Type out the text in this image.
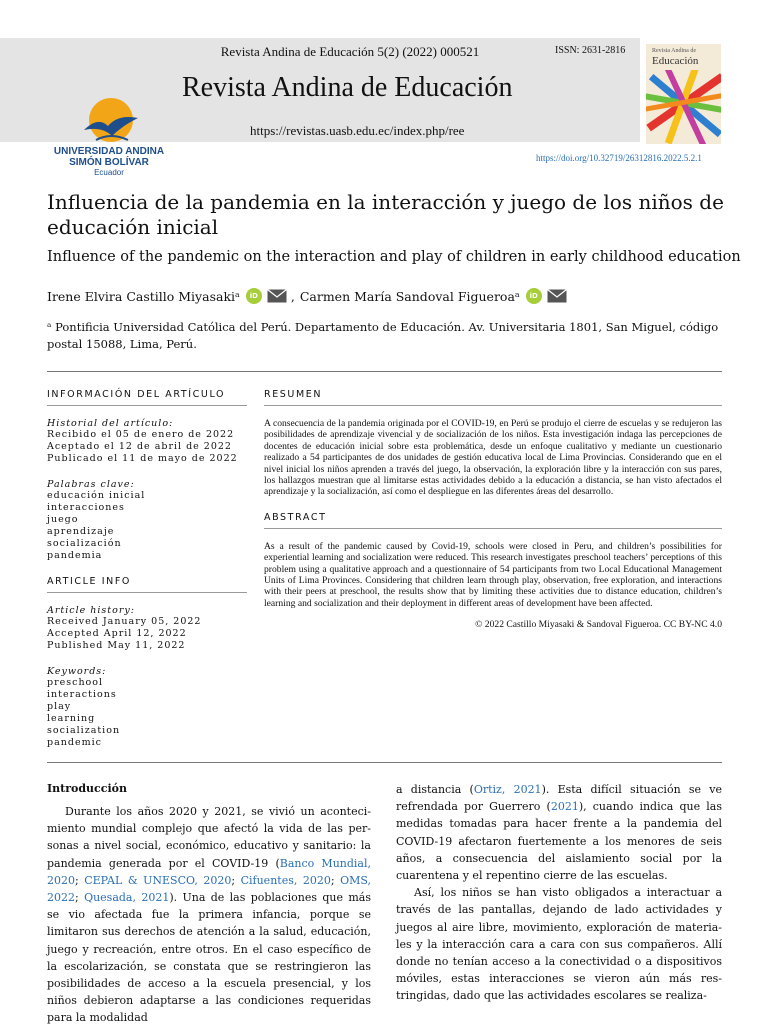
Revista Andina de Educación 5(2) (2022) 000521	ISSN: 2631-2816
Revista Andina de Educación
https://revistas.uasb.edu.ec/index.php/ree
UNIVERSIDAD ANDINA
SIMÓN BOLÍVAR
Ecuador
Revista Andina de
Educación
https://doi.org/10.32719/26312816.2022.5.2.1
Influencia de la pandemia en la interacción y juego de los niños de educación inicial
Influence of the pandemic on the interaction and play of children in early childhood education
Irene Elvira Castillo Miyasakiᵃ	iD	, Carmen María Sandoval Figueroaᵃ	iD
ᵃ Pontificia Universidad Católica del Perú. Departamento de Educación. Av. Universitaria 1801, San Miguel, código postal 15088, Lima, Perú.
INFORMACIÓN DEL ARTÍCULO
Historial del artículo:
Recibido el 05 de enero de 2022
Aceptado el 12 de abril de 2022
Publicado el 11 de mayo de 2022
Palabras clave:
educación inicial
interacciones
juego
aprendizaje
socialización
pandemia
ARTICLE INFO
Article history:
Received January 05, 2022
Accepted April 12, 2022
Published May 11, 2022
Keywords:
preschool
interactions
play
learning
socialization
pandemic
RESUMEN

A consecuencia de la pandemia originada por el COVID-19, en Perú se produjo el cierre de escuelas y se redujeron las posibilidades de aprendizaje vivencial y de socialización de los niños. Esta investigación indaga las percepciones de docentes de educación inicial sobre esta problemática, desde un enfoque cualitativo y mediante un cuestionario realizado a 54 participantes de dos unidades de gestión educativa local de Lima Provincias. Considerando que en el nivel inicial los niños aprenden a través del juego, la observación, la exploración libre y la interacción con sus pares, los hallazgos muestran que al limitarse estas actividades debido a la educación a distancia, se han visto afectados el aprendizaje y la socialización, así como el despliegue en las diferentes áreas del desarrollo.

ABSTRACT

As a result of the pandemic caused by Covid-19, schools were closed in Peru, and children’s possibilities for experiential learning and socialization were reduced. This research investigates preschool teachers’ perceptions of this problem using a qualitative approach and a questionnaire of 54 participants from two Local Educational Management Units of Lima Provinces. Considering that children learn through play, observation, free exploration, and interactions with their peers at preschool, the results show that by limiting these activities due to distance education, children’s learning and socialization and their deployment in different areas of development have been affected.

© 2022 Castillo Miyasaki & Sandoval Figueroa. CC BY-NC 4.0
Introducción

Durante los años 2020 y 2021, se vivió un acontecimiento mundial complejo que afectó la vida de las personas a nivel social, económico, educativo y sanitario: la pandemia generada por el COVID-19 (Banco Mundial, 2020; CEPAL & UNESCO, 2020; Cifuentes, 2020; OMS, 2022; Quesada, 2021). Una de las poblaciones que más se vio afectada fue la primera infancia, porque se limitaron sus derechos de atención a la salud, educación, juego y recreación, entre otros. En el caso específico de la escolarización, se constata que se restringieron las posibilidades de acceso a la escuela presencial, y los niños debieron adaptarse a las condiciones requeridas para la modalidad

a distancia (Ortiz, 2021). Esta difícil situación se ve refrendada por Guerrero (2021), cuando indica que las medidas tomadas para hacer frente a la pandemia del COVID-19 afectaron fuertemente a los menores de seis años, a consecuencia del aislamiento social por la cuarentena y el repentino cierre de las escuelas.

Así, los niños se han visto obligados a interactuar a través de las pantallas, dejando de lado actividades y juegos al aire libre, movimiento, exploración de materiales y la interacción cara a cara con sus compañeros. Allí donde no tenían acceso a la conectividad o a dispositivos móviles, estas interacciones se vieron aún más restringidas, dado que las actividades escolares se realiza-
